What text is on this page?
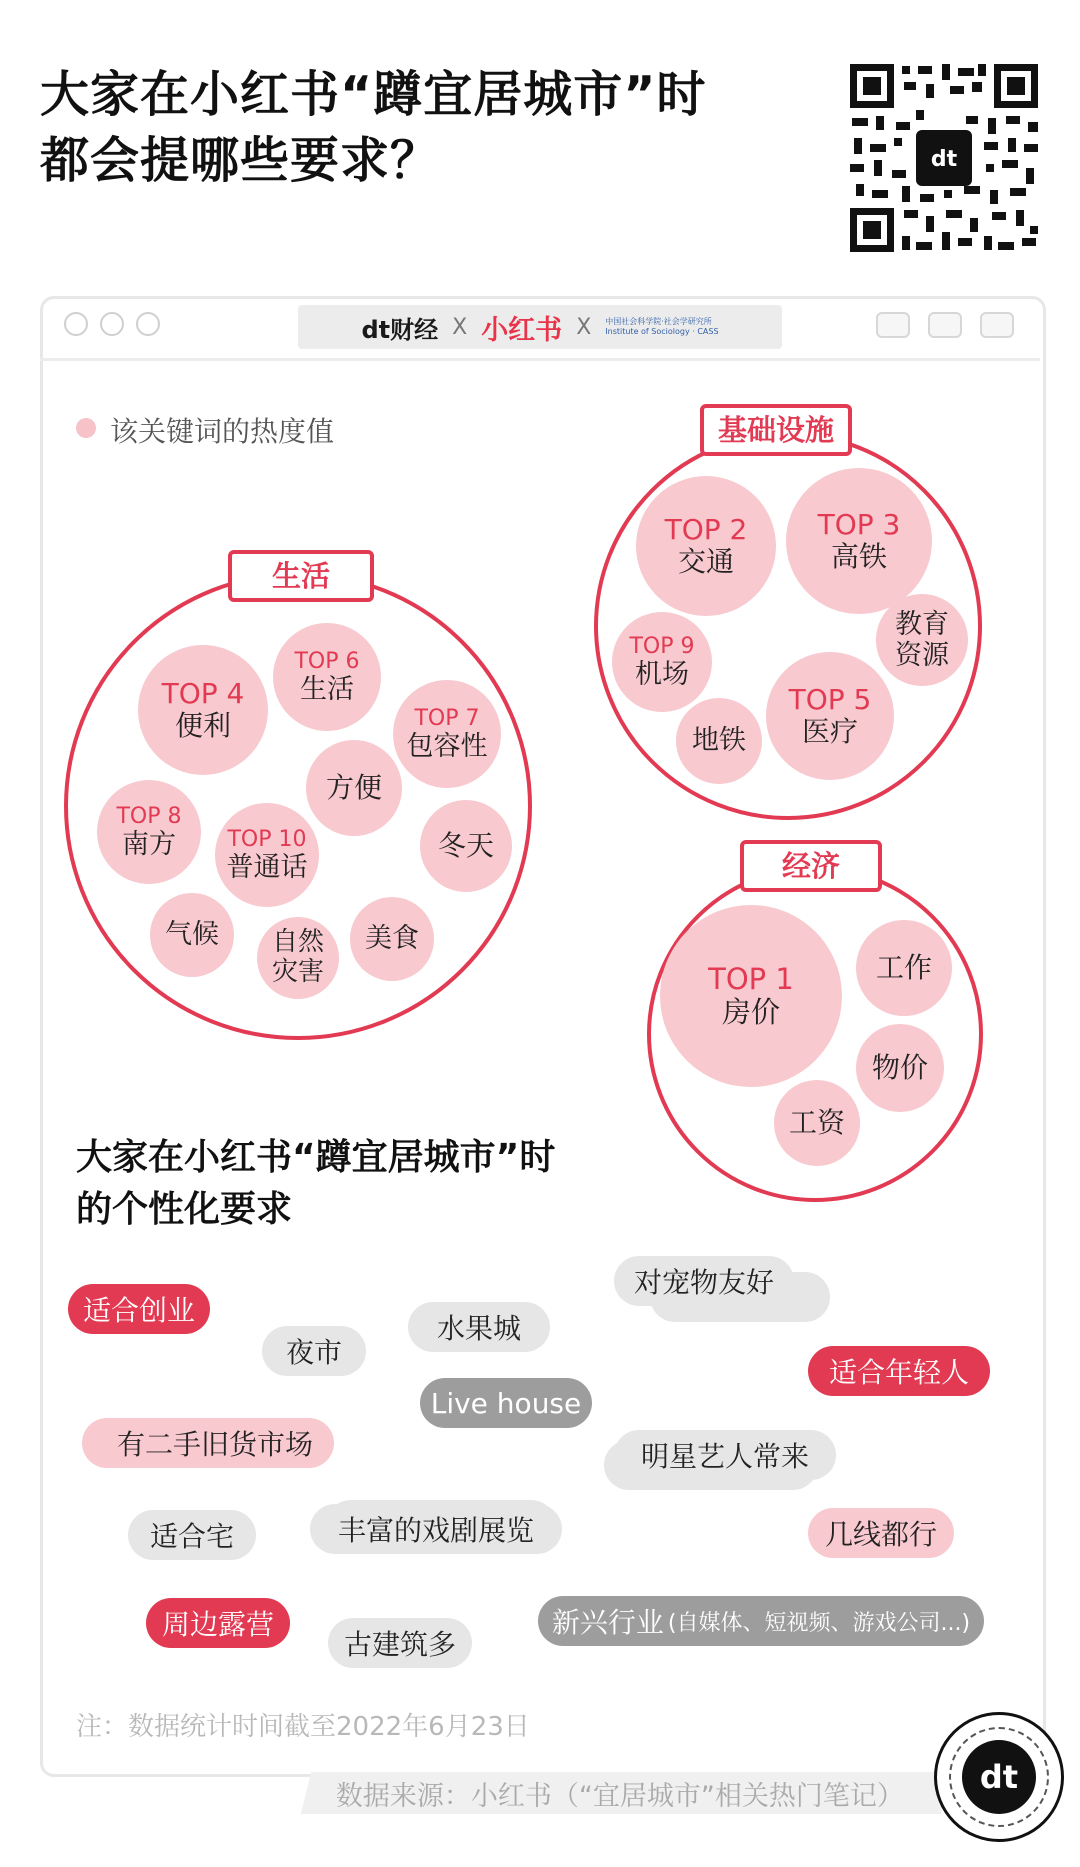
大家在小红书“蹲宜居城市”时
都会提哪些要求？	dt
dt财经 X 小红书 X 中国社会科学院·社会学研究所
Institute of Sociology · CASS
该关键词的热度值
生活
TOP 4
便利
TOP 6
生活
TOP 7
包容性
方便
TOP 8
南方 TOP 10
普通话
冬天
气候 自然
灾害
美食
基础设施
TOP 2
交通
TOP 3
高铁
教育
资源
TOP 9
机场
TOP 5
医疗
地铁
经济
TOP 1
房价
工作
物价
工资
大家在小红书“蹲宜居城市”时
的个性化要求
适合创业
夜市
水果城
对宠物友好
适合年轻人
Live house
有二手旧货市场	明星艺人常来
适合宅	丰富的戏剧展览	几线都行
周边露营
古建筑多
新兴行业 (自媒体、短视频、游戏公司...)
注：数据统计时间截至2022年6月23日
数据来源：小红书（“宜居城市”相关热门笔记）	dt
